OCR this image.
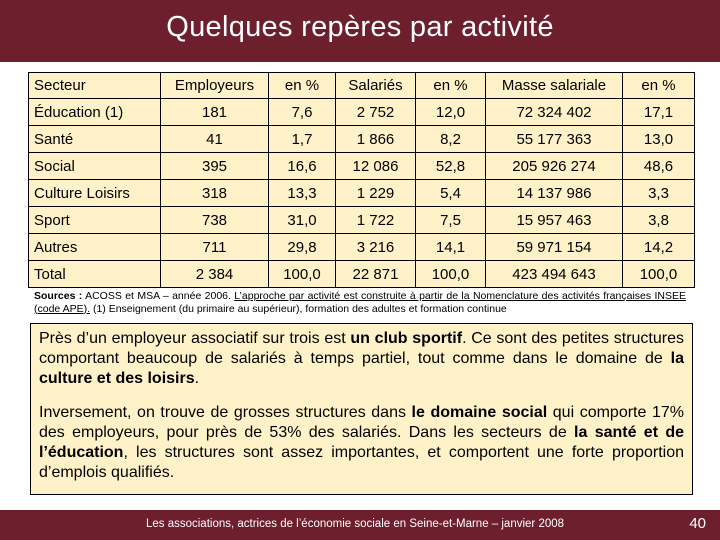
Quelques repères par activité
Secteur	Employeurs	en %	Salariés	en %	Masse salariale	en %
Éducation (1)	181	7,6	2 752	12,0	72 324 402	17,1
Santé	41	1,7	1 866	8,2	55 177 363	13,0
Social	395	16,6	12 086	52,8	205 926 274	48,6
Culture Loisirs	318	13,3	1 229	5,4	14 137 986	3,3
Sport	738	31,0	1 722	7,5	15 957 463	3,8
Autres	711	29,8	3 216	14,1	59 971 154	14,2
Total	2 384	100,0	22 871	100,0	423 494 643	100,0
Sources : ACOSS et MSA – année 2006. L’approche par activité est construite à partir de la Nomenclature des activités françaises INSEE (code APE). (1) Enseignement (du primaire au supérieur), formation des adultes et formation continue

Près d’un employeur associatif sur trois est un club sportif. Ce sont des petites structures comportant beaucoup de salariés à temps partiel, tout comme dans le domaine de la culture et des loisirs.

Inversement, on trouve de grosses structures dans le domaine social qui comporte 17% des employeurs, pour près de 53% des salariés. Dans les secteurs de la santé et de l’éducation, les structures sont assez importantes, et comportent une forte proportion d’emplois qualifiés.

Les associations, actrices de l’économie sociale en Seine-et-Marne – janvier 2008	40
